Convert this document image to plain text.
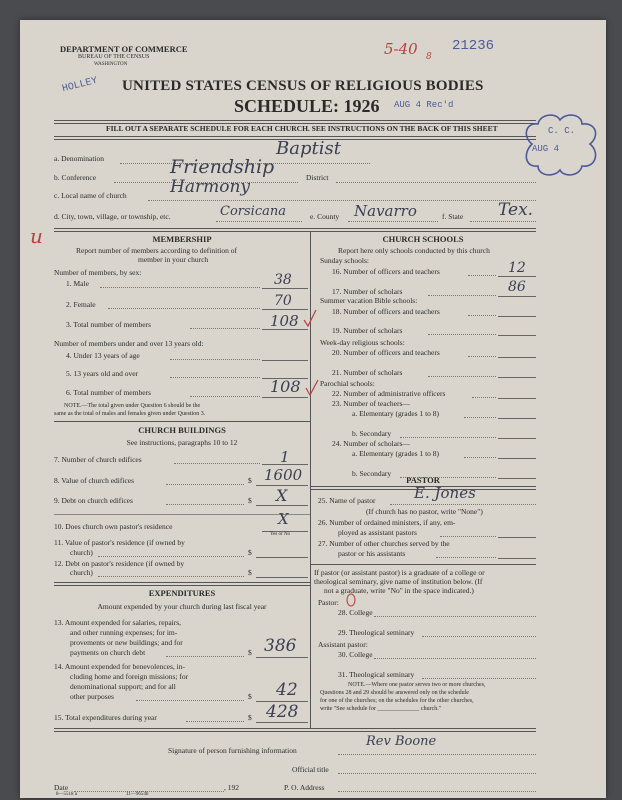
DEPARTMENT OF COMMERCE
BUREAU OF THE CENSUS
WASHINGTON
HOLLEY
5-40 8
21236
UNITED STATES CENSUS OF RELIGIOUS BODIES
SCHEDULE: 1926 AUG 4 Rec'd
FILL OUT A SEPARATE SCHEDULE FOR EACH CHURCH. SEE INSTRUCTIONS ON THE BACK OF THIS SHEET	C. C.
AUG 4
a. Denomination	Baptist
b. Conference	Friendship	District
c. Local name of church	Harmony
d. City, town, village, or township, etc.	Corsicana	e. County Navarro	f. State Tex.
u	MEMBERSHIP
Report number of members according to definition of
member in your church
Number of members, by sex:
1. Male	38
2. Female	70
3. Total number of members	108
Number of members under and over 13 years old:
4. Under 13 years of age
5. 13 years old and over
6. Total number of members	108
NOTE.—The total given under Question 6 should be the
same as the total of males and females given under Question 3.
CHURCH BUILDINGS
See instructions, paragraphs 10 to 12
7. Number of church edifices	1
8. Value of church edifices	$ 1600
9. Debt on church edifices	$ X
10. Does church own pastor's residence	X
Yes or No
11. Value of pastor's residence (if owned by
church)	$
12. Debt on pastor's residence (if owned by
church)	$
EXPENDITURES
Amount expended by your church during last fiscal year
13. Amount expended for salaries, repairs,
and other running expenses; for im-
provements or new buildings; and for
payments on church debt	$ 386
14. Amount expended for benevolences, in-
cluding home and foreign missions; for
denominational support; and for all
other purposes	$ 42
15. Total expenditures during year	$ 428
CHURCH SCHOOLS
Report here only schools conducted by this church
Sunday schools:
16. Number of officers and teachers	12
17. Number of scholars	86
Summer vacation Bible schools:
18. Number of officers and teachers
19. Number of scholars
Week-day religious schools:
20. Number of officers and teachers
21. Number of scholars
Parochial schools:
22. Number of administrative officers
23. Number of teachers—
a. Elementary (grades 1 to 8)
b. Secondary
24. Number of scholars—
a. Elementary (grades 1 to 8)
b. Secondary
PASTOR
25. Name of pastor	E. Jones
(If church has no pastor, write "None")
26. Number of ordained ministers, if any, em-
ployed as assistant pastors
27. Number of other churches served by the
pastor or his assistants
If pastor (or assistant pastor) is a graduate of a college or
theological seminary, give name of institution below. (If
not a graduate, write "No" in the space indicated.)
Pastor:
28. College
29. Theological seminary
Assistant pastor:
30. College
31. Theological seminary
NOTE.—Where one pastor serves two or more churches,
Questions 28 and 29 should be answered only on the schedule
for one of the churches; on the schedules for the other churches,
write "See schedule for ______________ church."
Signature of person furnishing information
Rev Boone
Official title
Date	, 192	P. O. Address
8—5518 a	11—9654b
